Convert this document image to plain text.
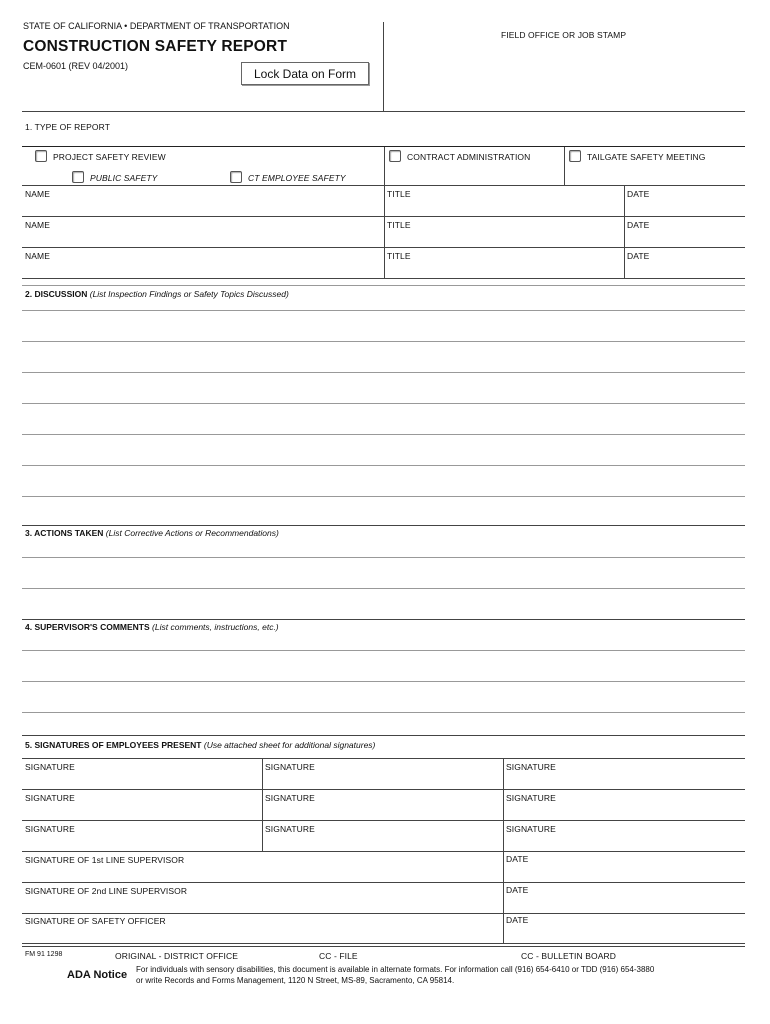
STATE OF CALIFORNIA • DEPARTMENT OF TRANSPORTATION
CONSTRUCTION SAFETY REPORT
CEM-0601 (REV 04/2001)
Lock Data on Form
FIELD OFFICE OR JOB STAMP
1. TYPE OF REPORT
PROJECT SAFETY REVIEW	CONTRACT ADMINISTRATION	TAILGATE SAFETY MEETING
PUBLIC SAFETY	CT EMPLOYEE SAFETY
NAME	TITLE	DATE
NAME	TITLE	DATE
NAME	TITLE	DATE
2. DISCUSSION (List Inspection Findings or Safety Topics Discussed)
3. ACTIONS TAKEN (List Corrective Actions or Recommendations)
4. SUPERVISOR'S COMMENTS (List comments, instructions, etc.)
5. SIGNATURES OF EMPLOYEES PRESENT (Use attached sheet for additional signatures)
SIGNATURE	SIGNATURE	SIGNATURE
SIGNATURE	SIGNATURE	SIGNATURE
SIGNATURE	SIGNATURE	SIGNATURE
SIGNATURE OF 1st LINE SUPERVISOR	DATE
SIGNATURE OF 2nd LINE SUPERVISOR	DATE
SIGNATURE OF SAFETY OFFICER	DATE
FM 91 1298	ORIGINAL - DISTRICT OFFICE	CC - FILE	CC - BULLETIN BOARD
ADA Notice For individuals with sensory disabilities, this document is available in alternate formats. For information call (916) 654-6410 or TDD (916) 654-3880
or write Records and Forms Management, 1120 N Street, MS-89, Sacramento, CA 95814.
